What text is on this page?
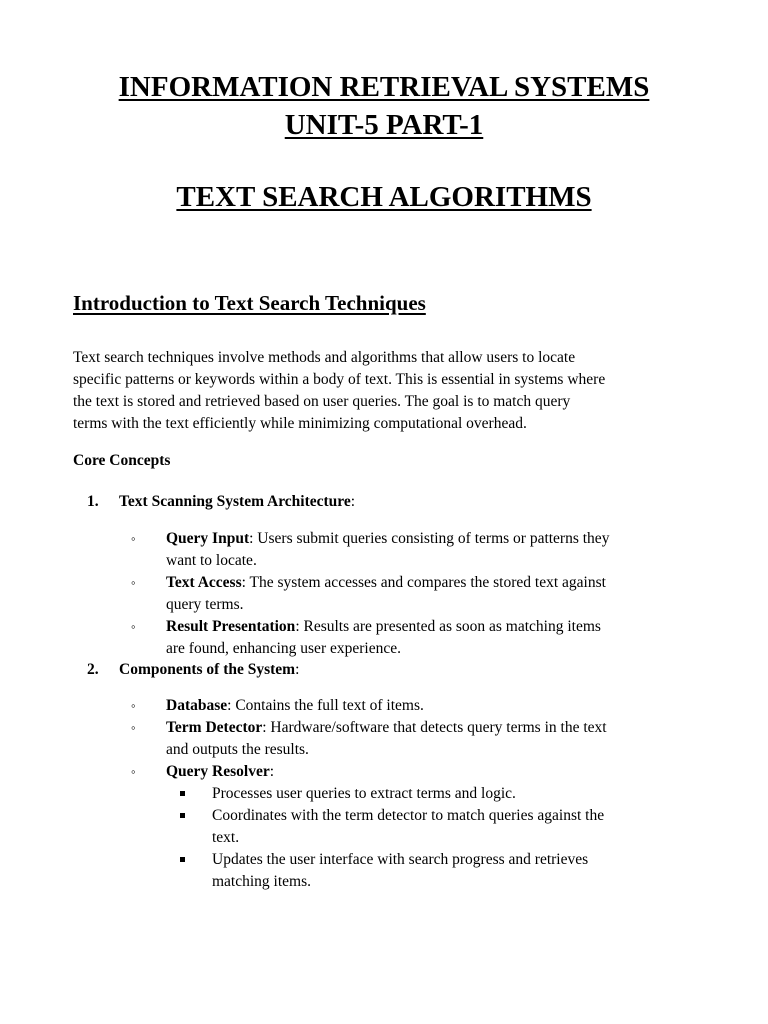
INFORMATION RETRIEVAL SYSTEMS
UNIT-5 PART-1
TEXT SEARCH ALGORITHMS
Introduction to Text Search Techniques
Text search techniques involve methods and algorithms that allow users to locate
specific patterns or keywords within a body of text. This is essential in systems where
the text is stored and retrieved based on user queries. The goal is to match query
terms with the text efficiently while minimizing computational overhead.
Core Concepts
1. Text Scanning System Architecture:
◦ Query Input: Users submit queries consisting of terms or patterns they
want to locate.
◦ Text Access: The system accesses and compares the stored text against
query terms.
◦ Result Presentation: Results are presented as soon as matching items
are found, enhancing user experience.
2. Components of the System:
◦ Database: Contains the full text of items.
◦ Term Detector: Hardware/software that detects query terms in the text
and outputs the results.
◦ Query Resolver:
Processes user queries to extract terms and logic.
Coordinates with the term detector to match queries against the
text.
Updates the user interface with search progress and retrieves
matching items.
